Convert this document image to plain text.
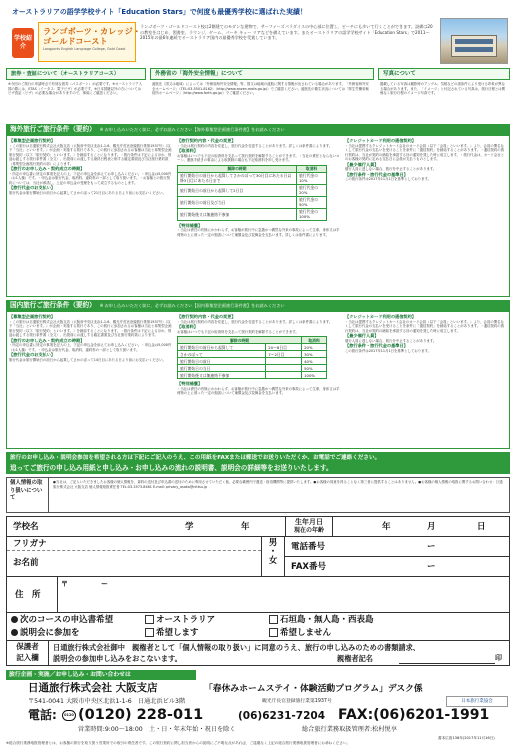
オーストラリアの語学学校サイト「Education Stars」で何度も最優秀学校に選ばれた実績！
学校紹介
ランゴボーツ・カレッジ・
ゴールドコースト
Langports English Language College, Gold Coast
ランゴボーツ・ゴールドコースト校は2階建てのモダンな建物で、サーファーズパラダイスの中心部に位置し、ビーチにも歩いて行くことができます。設備は20の教室をはじめ、図書室、ラウンジ、ゲーム、パーキ キュー リアなどを備えています。またオーストラリアの語学学校サイト「Education Stars」で2011〜2015年の最6年連続でオーストラリア国内の最優秀学校を受賞しています。
旅券・査証について（オーストラリアコース）
※今回のご旅行の申請時点で有効な旅券（パスポート）が必要です。※オーストラリア入国の際には、ETAS（イータス：電子ビザ）が必要です。※日本国籍以外の方についてはビザ査証（ビザ）の必要な場合がありますので、事前にご確認ください。
外務省の「海外安全情報」について
渡航先（国又は地域）によっては「外務省海外安全情報」等、国又は地域の渡航に関する情報が出されている場合があります。「外務省海外安全ホームページ」（TEL:03-5501-8162）（http://www.anzen.mofa.go.jp/）でご確認ください。渡航先の衛生状況については「厚生労働省検疫所ホームページ」（http://www.forth.go.jp/）でご確認ください。
写真について
掲載している写真は撮影時のアングル、気候などの諸条件により受ける印象が異なる場合があります。また、「イメージ」と付記されている写真は、旅行日程とは関係なく旅行行程のイメージ写真です。
海外旅行ご旅行条件（要約） ※ お申し込みいただく前に、必ずお読みください【海外募集型企画旅行条件書】をお読みください
【募集型企画旅行契約】
・この旅行は日通旅行株式会社大阪支店（大阪府中央区北浜1-1-6、観光庁長官登録旅行業第1937号）（以下「当社」といいます。）が企画・実施する旅行であり、この旅行に参加されるお客様は当社と募集型企画旅行契約（以下「旅行契約」といいます。）を締結することになります。・旅行条件は下記によるほか、別途お渡しする旅行条件書（全文）、出発前にお渡しする最終日程表と称する確定書面及び当社旅行業約款（募集型企画旅行契約の部）によります。
【旅行のお申し込み・契約成立の時期】
・所定の申込書に所定の事項を記入の上、下記の申込金を添えてお申し込みください。・申込金は5,000円（お1人様）です。・申込金は旅行代金、取消料、違約料の一部として取り扱います。・お客様との旅行契約については、当社が承諾し、上記の申込金の受理をもって成立するものとします。
【旅行代金のお支払い】
旅行代金は旅行開始日の前日から起算してさかのぼって21日目にあたる日より前にお支払いください。
【旅行契約内容・代金の変更】
・当社は旅行契約の内容を変更し、旅行代金を変更することがあります。詳しくは条件書によります。
【取消料】
お客様はいつでも下記の取消料を支払って旅行契約を解除することができます。・当社の責任とならないローン、運航手続きの事由による取扱除の場合も下記取消料を申し受けます。
解除の時期	取消料
旅行開始日の前日から起算してさかのぼって30日目にあたる日以降3日目にあたる日まで	旅行代金の10%
旅行開始日の前日から起算して2日目	旅行代金の20%
旅行開始日の前日及び当日	旅行代金の50%
旅行開始後又は無連絡不参加	旅行代金の100%
【特別補償】
・当社は責任の有無にかかわらず、お客様が旅行中に急激かつ偶然な外来の事故によって生命、身体又は手荷物の上に被った一定の損害について補償金及び見舞金を支払います。詳しくは条件書によります。
【クレジットカード利用の通信契約】
・当社は提携するクレジットカード会社のカード会員（以下「会員」といいます。）より、会員の署名なくして旅行代金の支払いを受けることを条件に「通信契約」を締結することがあります。・通信契約の旅行契約は、当社が契約の締結を承諾する旨の通知を発した時に成立します。・旅行代金は、カード会社とのお客様の契約に定める支払日に会員が支払うものとします。
【最少催行人員】
催行人員に達しない場合、旅行を中止することがあります。
【旅行条件・旅行代金の基準日】
この旅行条件は2017年11月1日を基準としております。
国内旅行ご旅行条件（要約） ※ お申し込みいただく前に、必ずお読みください【国内募集型企画旅行条件書】をお読みください
【募集型企画旅行契約】
・この旅行は日通旅行株式会社大阪支店（大阪府中央区北浜1-1-6、観光庁長官登録旅行業第1937号）（以下「当社」といいます。）が企画・実施する旅行であり、この旅行に参加されるお客様は当社と募集型企画旅行契約（以下「旅行契約」といいます。）を締結することになります。・旅行条件は下記によるほか、別途お渡しする旅行条件書（全文）、出発前にお渡しする確定書面及び当社旅行業約款によります。
【旅行のお申し込み・契約成立の時期】
・所定の申込書に所定の事項を記入の上、下記の申込金を添えてお申し込みください。・申込金は5,000円（お1人様）です。・申込金は旅行代金、取消料、違約料の一部として取り扱います。
【旅行代金のお支払い】
旅行代金は旅行開始日の前日から起算してさかのぼって14日目にあたる日より前にお支払いください。
【旅行契約内容・代金の変更】
・当社は旅行契約の内容を変更し、旅行代金を変更することがあります。詳しくは条件書によります。
【取消料】
お客様はいつでも下記の取消料を支払って旅行契約を解除することができます。
解除の時期		取消料
旅行開始日の前日から起算して	20〜8日目	20%
さかのぼって	7〜2日目	30%
旅行開始日の前日		40%
旅行開始日の当日		50%
旅行開始後又は無連絡不参加		100%
【特別補償】
・当社は責任の有無にかかわらず、お客様が旅行中に急激かつ偶然な外来の事故によって生命、身体又は手荷物の上に被った一定の損害について補償金及び見舞金を支払います。
【クレジットカード利用の通信契約】
・当社は提携するクレジットカード会社のカード会員（以下「会員」といいます。）より、会員の署名なくして旅行代金の支払いを受けることを条件に「通信契約」を締結することがあります。・通信契約の旅行契約は、当社が契約の締結を承諾する旨の通知を発した時に成立します。
【最少催行人員】
催行人員に達しない場合、旅行を中止することがあります。
【旅行条件・旅行代金の基準日】
この旅行条件は2017年11月1日を基準としております。
旅行のお申し込み・説明会参加を希望される方は下記にご記入のうえ、この用紙をFAXまたは郵送でお送りいただくか、お電話でご連絡ください。
追ってご旅行の申し込み用紙と申し込み・お申し込みの流れの説明書、説明会の詳細等をお送りいたします。
個人情報の取り扱いについて
●当社は、ご記入いただきましたお客様の個人情報を、資料の送付及び申込書の送付のために利用させていただく他、必要な範囲内で運送・宿泊機関等に提供いたします。●お客様の同意を得ることなく第三者に提供することはありません。●お客様の個人情報の取扱に関するお問い合わせ：日通旅行株式会社 大阪支店 個人情報取扱責任者 TEL:03-3573-8461 E-mail: privacy_osaka@nittsu.jp
学校名	学	年	生年月日
現在の年齢	年	月	日
フリガナ
お名前
男
・
女
電話番号	ー
FAX番号	ー
住　所
〒	ー
次のコースの申込書希望	オーストラリア	石垣島・無人島・西表島
説明会に参加を	希望します	希望しません
保護者
記入欄
日通旅行株式会社御中　親権者として「個人情報の取り扱い」に同意のうえ、旅行の申し込みのための書類請求、
説明会の参加申し込みをおこないます。	親権者記名	印
旅行企画・実施／お申し込み・お問い合わせは
日通旅行株式会社 大阪支店	「春休みホームステイ・体験活動プログラム」デスク係
〒541-0041 大阪市中央区北浜1-1-6　日通北浜ビル3階	観光庁長官登録旅行業第1937号	日本旅行業協会
電話:	0120 (0120) 228-011	(06)6231-7204 FAX:(06)6201-1991
営業時間:9:00〜18:00　土・日・年末年始・祝日を除く	総合旅行業務取扱管理者:松村悦享
書本広島136年(2017年11月16日)
※総合旅行業務取扱管理者とは、お客様の旅行を取り扱う営業所での取引の責任者です。この旅行契約に関し担当者からの説明にご不明な点があれば、ご遠慮なく上記の総合旅行業務取扱管理者にお尋ねください。
